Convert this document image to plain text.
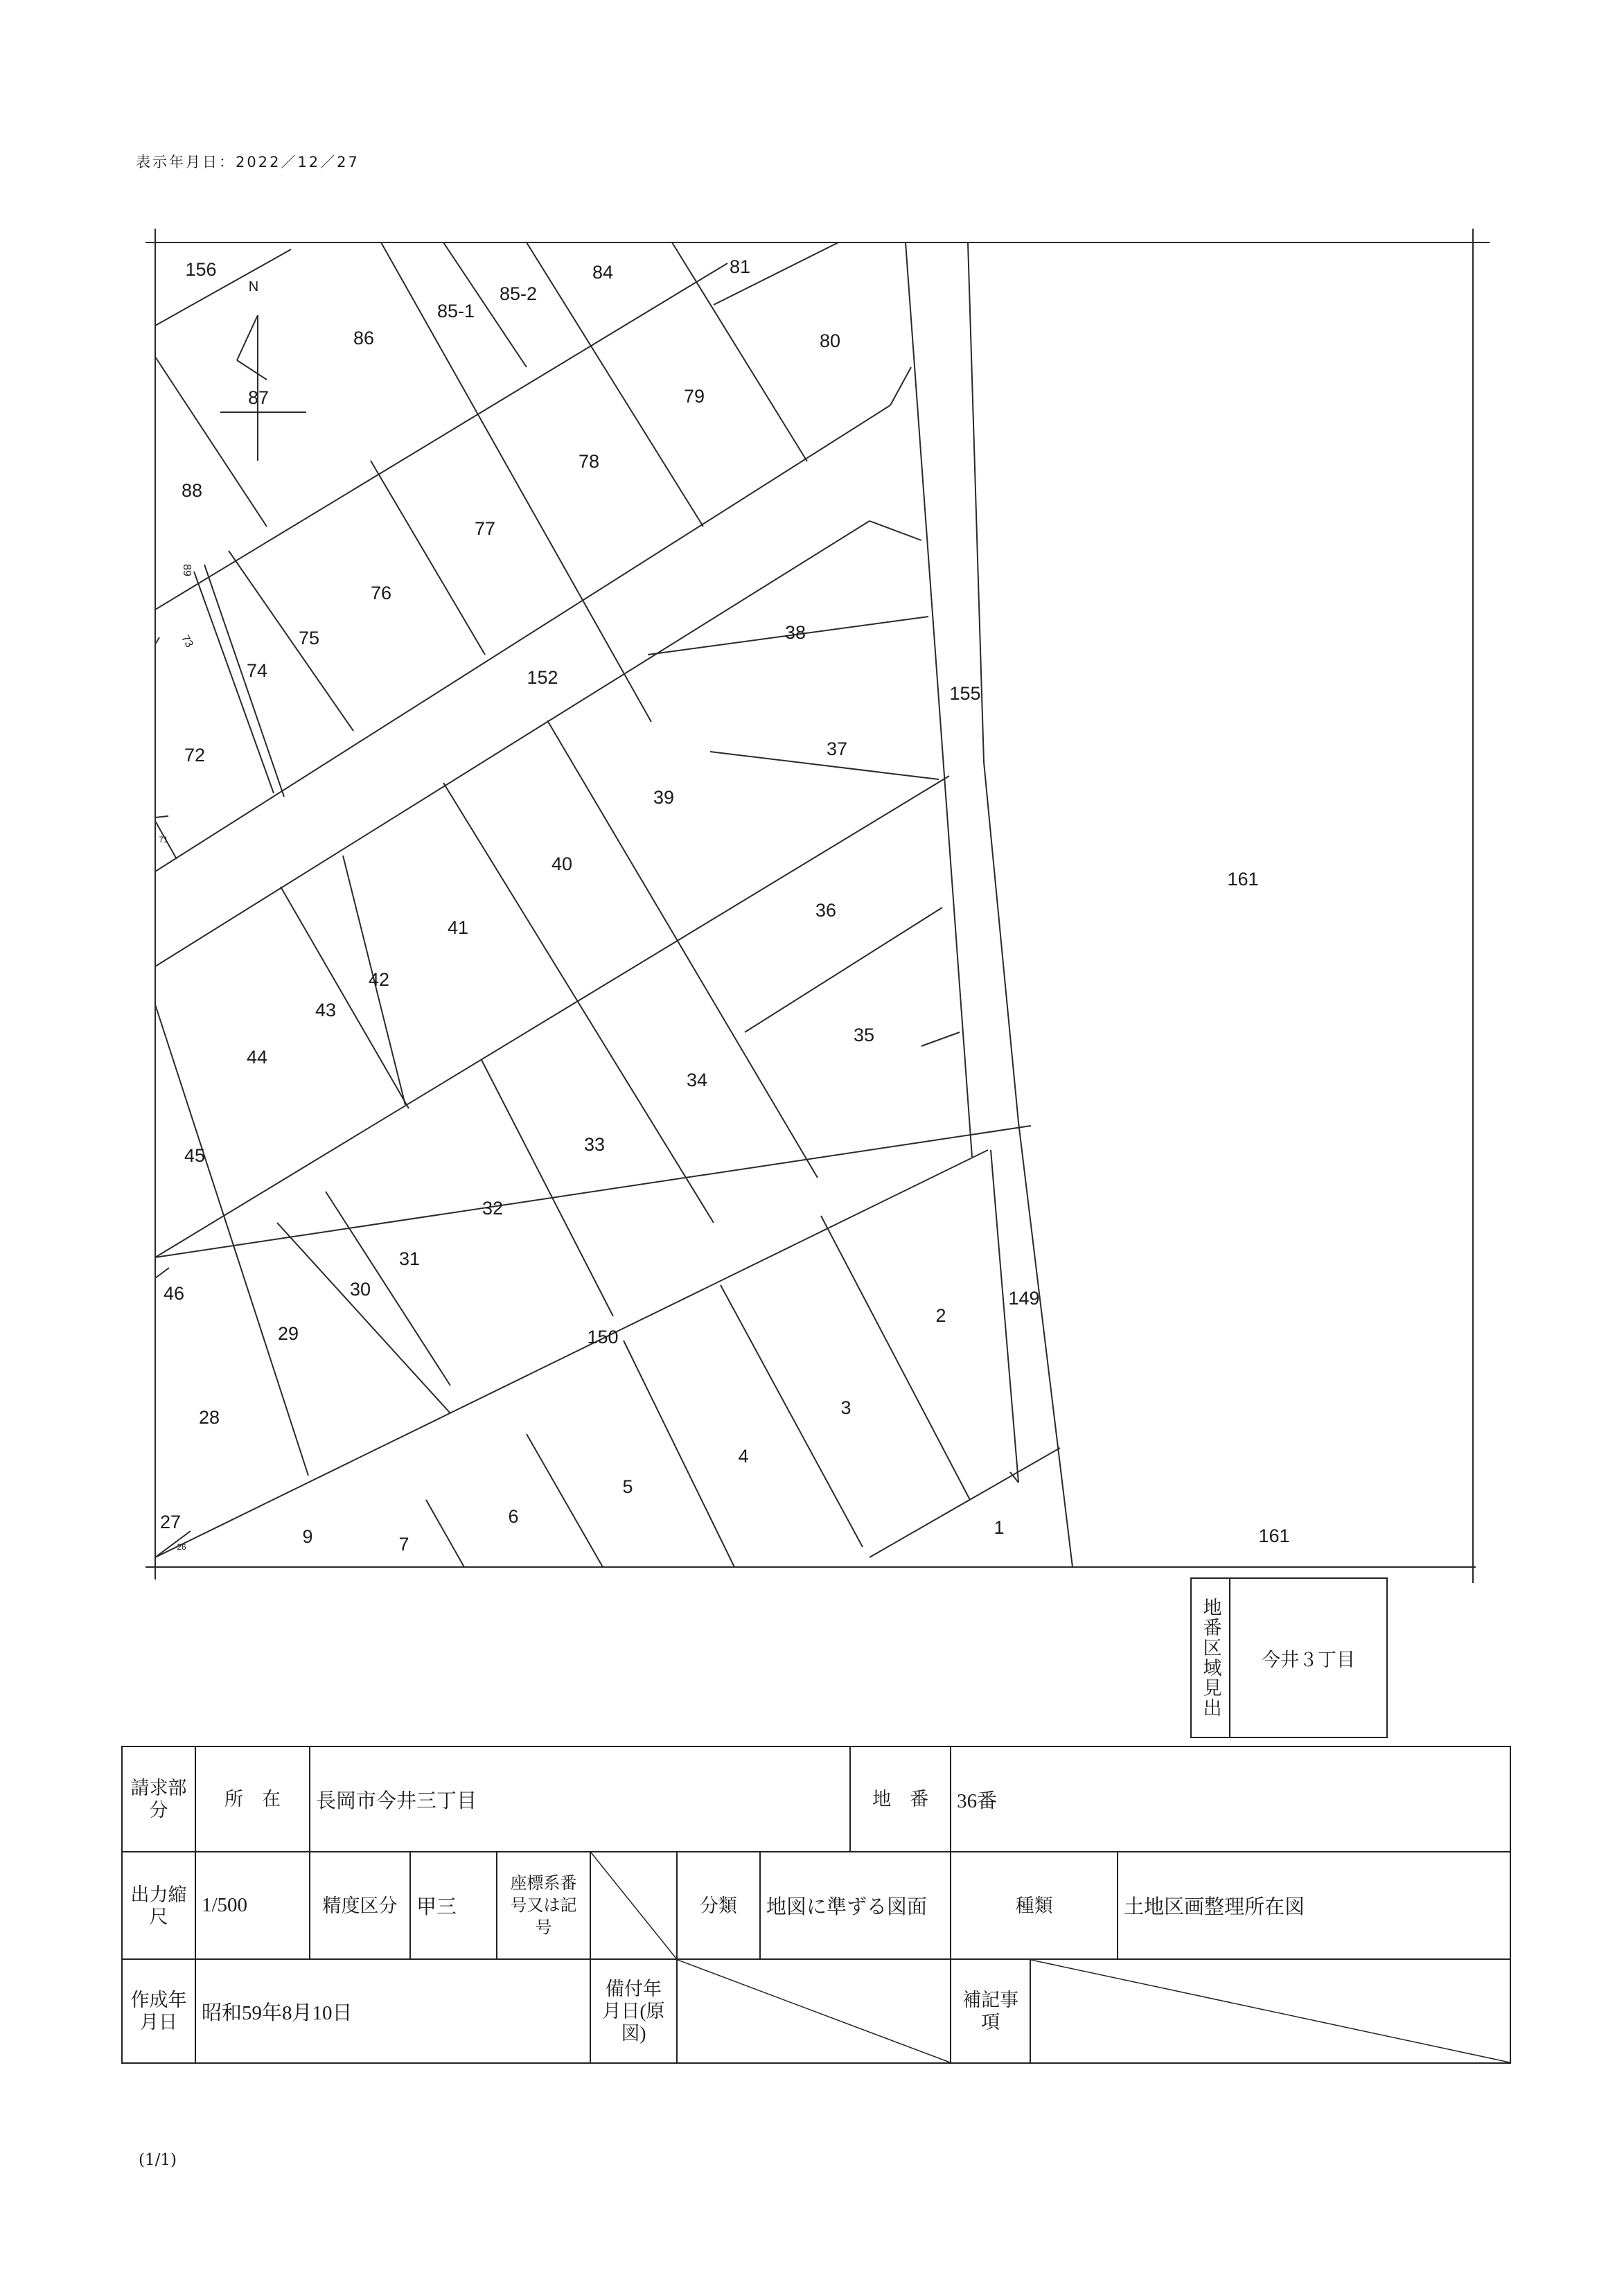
表示年月日：2022／12／27
156
86
85-1
85-2
84	81
80
87	79
88
78
77
76
75
74
89
73
72
71
152
38
155
37
39
40
36
161
41
42
43
44
35
34
45
33
32
31
30
46
29
149
2
150
28	3
4
5
6
27
26
1
9	7	161
N
地番区域見出	今井３丁目
請求部分	所　在	長岡市今井三丁目						地　番	36番		
出力縮尺	1/500	精度区分	甲三	座標系番号又は記号		分類	地図に準ずる図面		種類		土地区画整理所在図
作成年月日	昭和59年8月10日				備付年月日(原図)				補記事項	
(1/1)
